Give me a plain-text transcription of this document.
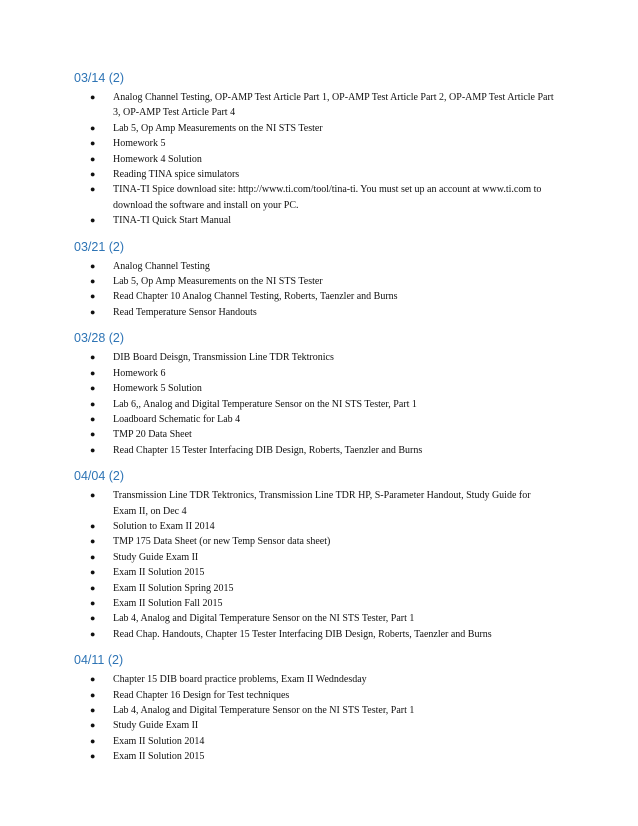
03/14 (2)
● Analog Channel Testing, OP-AMP Test Article Part 1, OP-AMP Test Article Part 2, OP-AMP Test Article Part 3, OP-AMP Test Article Part 4
● Lab 5, Op Amp Measurements on the NI STS Tester
● Homework 5
● Homework 4 Solution
● Reading TINA spice simulators
● TINA-TI Spice download site: http://www.ti.com/tool/tina-ti. You must set up an account at www.ti.com to download the software and install on your PC.
● TINA-TI Quick Start Manual
03/21 (2)
● Analog Channel Testing
● Lab 5, Op Amp Measurements on the NI STS Tester
● Read Chapter 10 Analog Channel Testing, Roberts, Taenzler and Burns
● Read Temperature Sensor Handouts
03/28 (2)
● DIB Board Deisgn, Transmission Line TDR Tektronics
● Homework 6
● Homework 5 Solution
● Lab 6,, Analog and Digital Temperature Sensor on the NI STS Tester, Part 1
● Loadboard Schematic for Lab 4
● TMP 20 Data Sheet
● Read Chapter 15 Tester Interfacing DIB Design, Roberts, Taenzler and Burns
04/04 (2)
● Transmission Line TDR Tektronics, Transmission Line TDR HP, S-Parameter Handout, Study Guide for Exam II, on Dec 4
● Solution to Exam II 2014
● TMP 175 Data Sheet (or new Temp Sensor data sheet)
● Study Guide Exam II
● Exam II Solution 2015
● Exam II Solution Spring 2015
● Exam II Solution Fall 2015
● Lab 4, Analog and Digital Temperature Sensor on the NI STS Tester, Part 1
● Read Chap. Handouts, Chapter 15 Tester Interfacing DIB Design, Roberts, Taenzler and Burns
04/11 (2)
● Chapter 15 DIB board practice problems, Exam II Wedndesday
● Read Chapter 16 Design for Test techniques
● Lab 4, Analog and Digital Temperature Sensor on the NI STS Tester, Part 1
● Study Guide Exam II
● Exam II Solution 2014
● Exam II Solution 2015
